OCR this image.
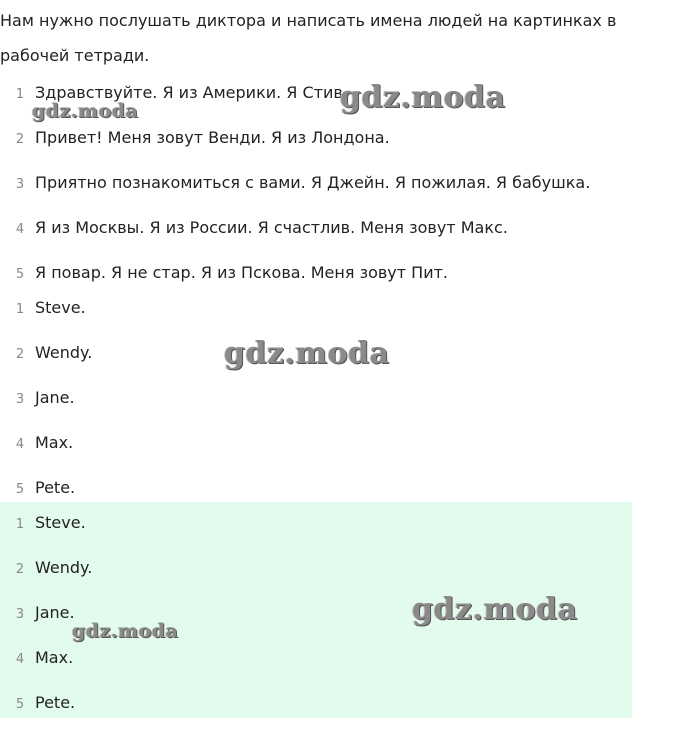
Нам нужно послушать диктора и написать имена людей на картинках в рабочей тетради.

1 Здравствуйте. Я из Америки. Я Стив.
2 Привет! Меня зовут Венди. Я из Лондона.
3 Приятно познакомиться с вами. Я Джейн. Я пожилая. Я бабушка.
4 Я из Москвы. Я из России. Я счастлив. Меня зовут Макс.
5 Я повар. Я не стар. Я из Пскова. Меня зовут Пит.
1 Steve.
2 Wendy.
3 Jane.
4 Max.
5 Pete.
1 Steve.
2 Wendy.
3 Jane.
4 Max.
5 Pete.
gdz.moda	gdz.moda
gdz.moda
gdz.moda
gdz.moda
